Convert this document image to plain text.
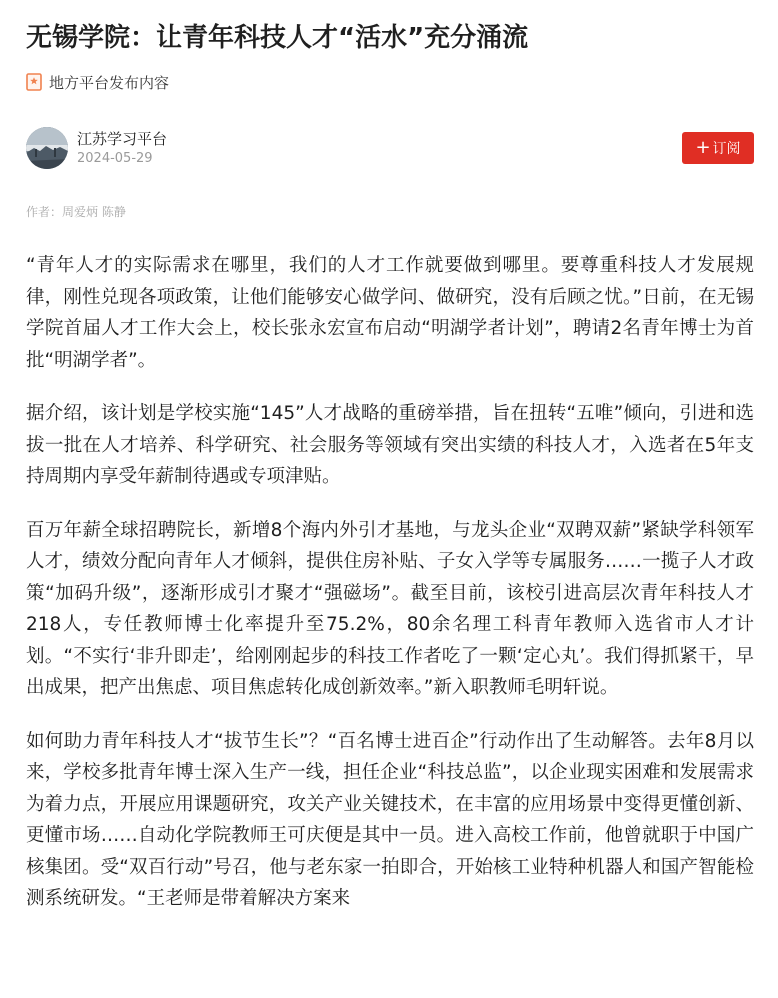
无锡学院：让青年科技人才“活水”充分涌流
地方平台发布内容
江苏学习平台
2024-05-29
+ 订阅
作者：周爱炳 陈静

“青年人才的实际需求在哪里，我们的人才工作就要做到哪里。要尊重科技人才发展规律，刚性兑现各项政策，让他们能够安心做学问、做研究，没有后顾之忧。”日前，在无锡学院首届人才工作大会上，校长张永宏宣布启动“明湖学者计划”，聘请2名青年博士为首批“明湖学者”。

据介绍，该计划是学校实施“145”人才战略的重磅举措，旨在扭转“五唯”倾向，引进和选拔一批在人才培养、科学研究、社会服务等领域有突出实绩的科技人才，入选者在5年支持周期内享受年薪制待遇或专项津贴。

百万年薪全球招聘院长，新增8个海内外引才基地，与龙头企业“双聘双薪”紧缺学科领军人才，绩效分配向青年人才倾斜，提供住房补贴、子女入学等专属服务……一揽子人才政策“加码升级”，逐渐形成引才聚才“强磁场”。截至目前，该校引进高层次青年科技人才218人，专任教师博士化率提升至75.2%，80余名理工科青年教师入选省市人才计划。“不实行‘非升即走’，给刚刚起步的科技工作者吃了一颗‘定心丸’。我们得抓紧干，早出成果，把产出焦虑、项目焦虑转化成创新效率。”新入职教师毛明轩说。

如何助力青年科技人才“拔节生长”？“百名博士进百企”行动作出了生动解答。去年8月以来，学校多批青年博士深入生产一线，担任企业“科技总监”，以企业现实困难和发展需求为着力点，开展应用课题研究，攻关产业关键技术，在丰富的应用场景中变得更懂创新、更懂市场……自动化学院教师王可庆便是其中一员。进入高校工作前，他曾就职于中国广核集团。受“双百行动”号召，他与老东家一拍即合，开始核工业特种机器人和国产智能检测系统研发。“王老师是带着解决方案来
